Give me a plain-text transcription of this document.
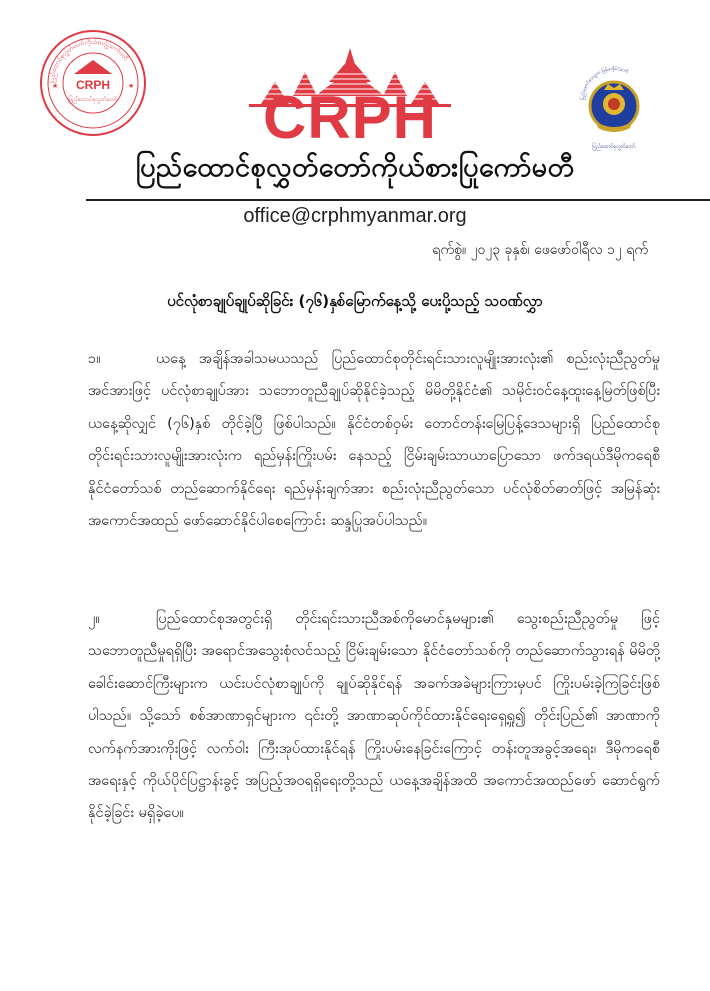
ပြည်ထောင်စုလွှတ်တော်ကိုယ်စားပြုကော်မတီ
CRPH
ပြည်ထောင်စုလွှတ်တော်
★	★ CRPH	ပြည်ထောင်စုသမ္မတ မြန်မာနိုင်ငံတော်
ပြည်ထောင်စုလွှတ်တော်
ပြည်ထောင်စုလွှတ်တော်ကိုယ်စားပြုကော်မတီ
office@crphmyanmar.org
ရက်စွဲ။ ၂၀၂၃ ခုနှစ်၊ ဖေဖော်ဝါရီလ ၁၂ ရက်
ပင်လုံစာချုပ်ချုပ်ဆိုခြင်း (၇၆)နှစ်မြောက်နေ့သို့ ပေးပို့သည့် သဝဏ်လွှာ
၁။	ယနေ့ အချိန်အခါသမယသည် ပြည်ထောင်စုတိုင်းရင်းသားလူမျိုးအားလုံး၏ စည်းလုံးညီညွတ်မှုအင်အားဖြင့် ပင်လုံစာချုပ်အား သဘောတူညီချုပ်ဆိုနိုင်ခဲ့သည့် မိမိတို့နိုင်ငံ၏ သမိုင်းဝင်နေ့ထူးနေ့မြတ်ဖြစ်ပြီး ယနေ့ဆိုလျှင် (၇၆)နှစ် တိုင်ခဲ့ပြီ ဖြစ်ပါသည်။ နိုင်ငံတစ်ဝှမ်း တောင်တန်းမြေပြန့်ဒေသများရှိ ပြည်ထောင်စုတိုင်းရင်းသားလူမျိုးအားလုံးက ရည်မှန်းကြိုးပမ်း နေသည့် ငြိမ်းချမ်းသာယာပြောသော ဖက်ဒရယ်ဒီမိုကရေစီနိုင်ငံတော်သစ် တည်ဆောက်နိုင်ရေး ရည်မှန်းချက်အား စည်းလုံးညီညွတ်သော ပင်လုံစိတ်ဓာတ်ဖြင့် အမြန်ဆုံး အကောင်အထည် ဖော်ဆောင်နိုင်ပါစေကြောင်း ဆန္ဒပြုအပ်ပါသည်။
၂။	ပြည်ထောင်စုအတွင်းရှိ တိုင်းရင်းသားညီအစ်ကိုမောင်နှမများ၏ သွေးစည်းညီညွတ်မှု ဖြင့် သဘောတူညီမှုရရှိပြီး အရောင်အသွေးစုံလင်သည့် ငြိမ်းချမ်းသော နိုင်ငံတော်သစ်ကို တည်ဆောက်သွားရန် မိမိတို့ခေါင်းဆောင်ကြီးများက ယင်းပင်လုံစာချုပ်ကို ချုပ်ဆိုနိုင်ရန် အခက်အခဲများကြားမှပင် ကြိုးပမ်းခဲ့ကြခြင်းဖြစ်ပါသည်။ သို့သော် စစ်အာဏာရှင်များက ၎င်းတို့ အာဏာဆုပ်ကိုင်ထားနိုင်ရေးရှေ့ရှု၍ တိုင်းပြည်၏ အာဏာကို လက်နက်အားကိုးဖြင့် လက်ဝါး ကြီးအုပ်ထားနိုင်ရန် ကြိုးပမ်းနေခြင်းကြောင့် တန်းတူအခွင့်အရေး၊ ဒီမိုကရေစီအရေးနှင့် ကိုယ်ပိုင်ပြဋ္ဌာန်းခွင့် အပြည့်အဝရရှိရေးတို့သည် ယနေ့အချိန်အထိ အကောင်အထည်ဖော် ဆောင်ရွက်နိုင်ခဲ့ခြင်း မရှိခဲ့ပေ။
